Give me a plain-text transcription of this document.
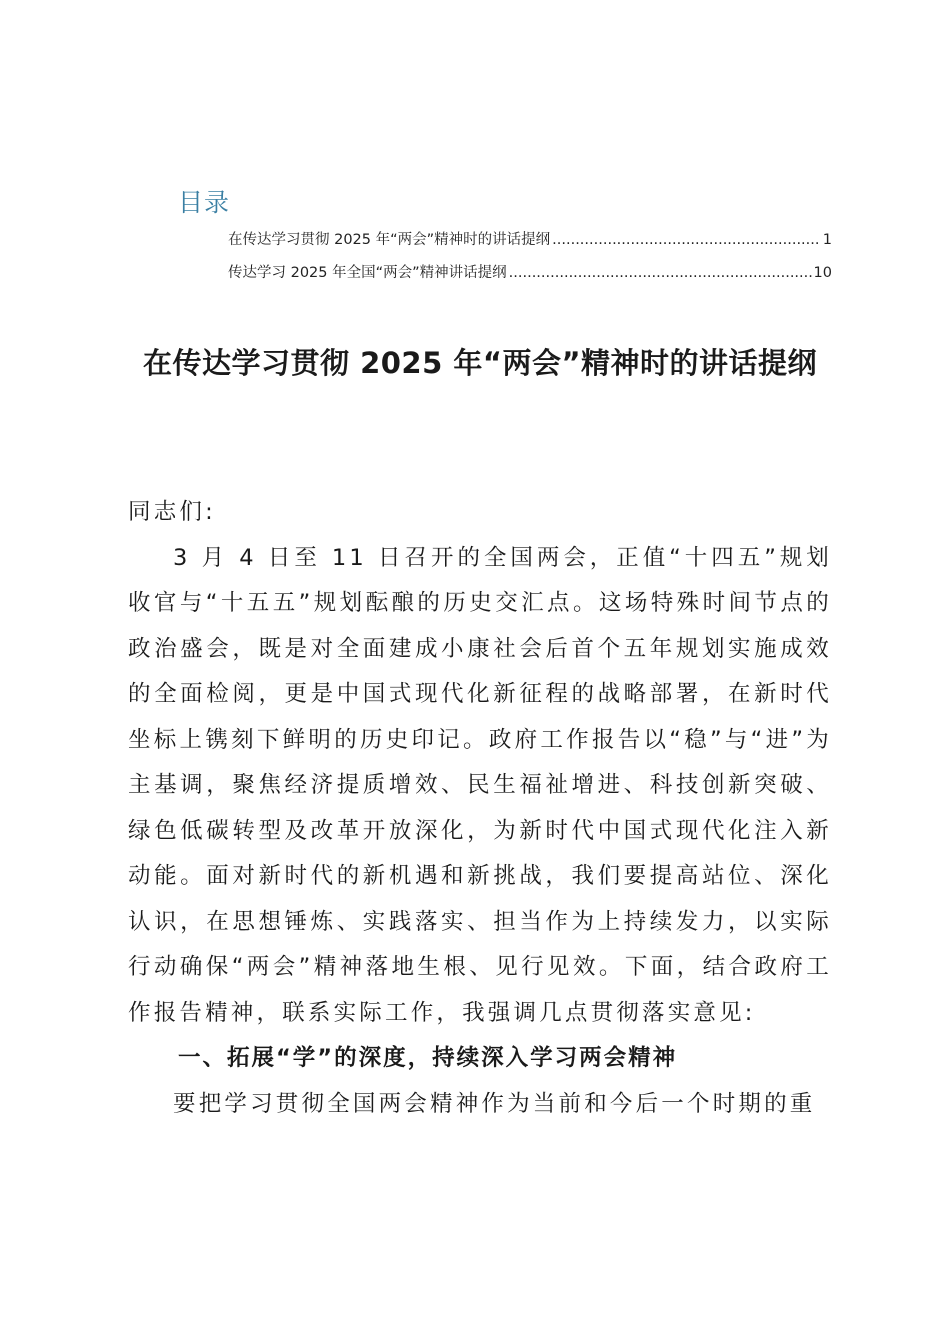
目录
在传达学习贯彻 2025 年“两会”精神时的讲话提纲 .....	1
传达学习 2025 年全国“两会”精神讲话提纲 .....	10
在传达学习贯彻 2025 年“两会”精神时的讲话提纲

同志们:

3 月 4 日至 11 日召开的全国两会，正值“十四五”规划收官与“十五五”规划酝酿的历史交汇点。这场特殊时间节点的政治盛会，既是对全面建成小康社会后首个五年规划实施成效的全面检阅，更是中国式现代化新征程的战略部署，在新时代坐标上镌刻下鲜明的历史印记。政府工作报告以“稳”与“进”为主基调，聚焦经济提质增效、民生福祉增进、科技创新突破、绿色低碳转型及改革开放深化，为新时代中国式现代化注入新动能。面对新时代的新机遇和新挑战，我们要提高站位、深化认识，在思想锤炼、实践落实、担当作为上持续发力，以实际行动确保“两会”精神落地生根、见行见效。下面，结合政府工作报告精神，联系实际工作，我强调几点贯彻落实意见:

一、拓展“学”的深度，持续深入学习两会精神

要把学习贯彻全国两会精神作为当前和今后一个时期的重
